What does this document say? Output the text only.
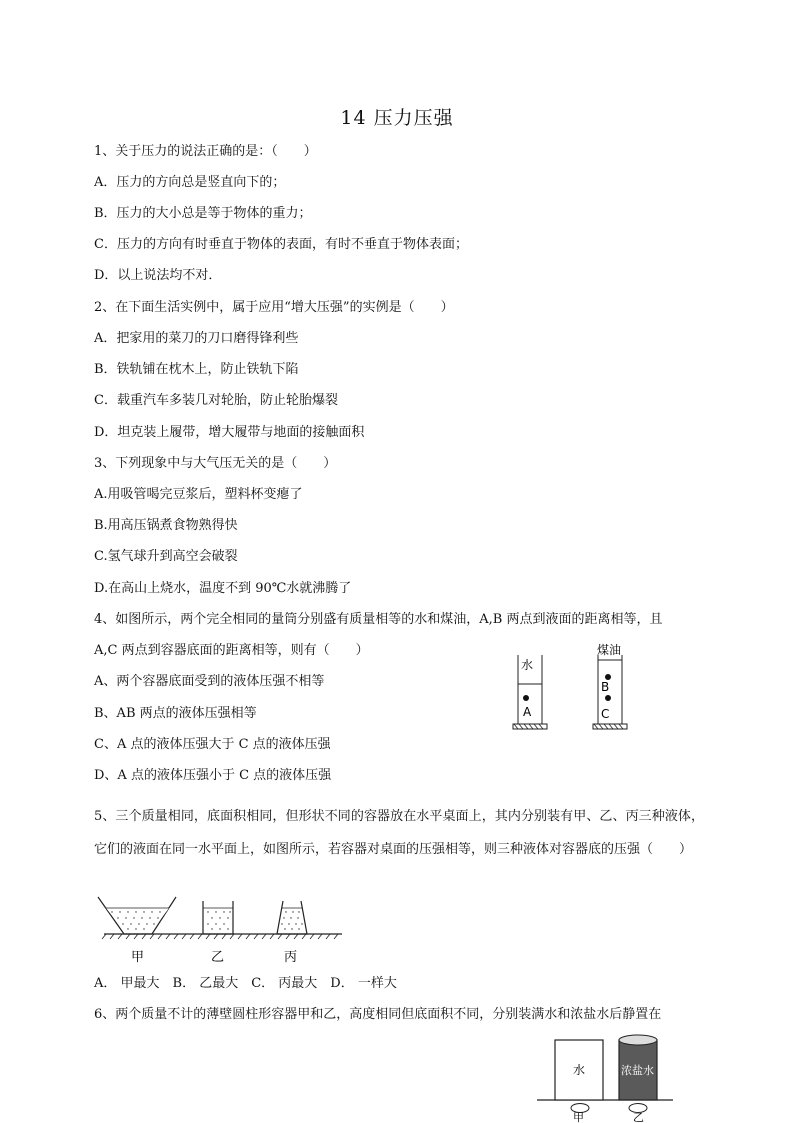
14 压力压强
1、关于压力的说法正确的是：（　　）
A．压力的方向总是竖直向下的；
B．压力的大小总是等于物体的重力；
C．压力的方向有时垂直于物体的表面，有时不垂直于物体表面；
D．以上说法均不对．
2、在下面生活实例中，属于应用“增大压强”的实例是（　　）
A．把家用的菜刀的刀口磨得锋利些
B．铁轨铺在枕木上，防止铁轨下陷
C．载重汽车多装几对轮胎，防止轮胎爆裂
D．坦克装上履带，增大履带与地面的接触面积
3、下列现象中与大气压无关的是（　　）
A.用吸管喝完豆浆后，塑料杯变瘪了
B.用高压锅煮食物熟得快
C.氢气球升到高空会破裂
D.在高山上烧水，温度不到 90℃水就沸腾了
4、如图所示，两个完全相同的量筒分别盛有质量相等的水和煤油，A,B 两点到液面的距离相等，且
A,C 两点到容器底面的距离相等，则有（　　）
A、两个容器底面受到的液体压强不相等
B、AB 两点的液体压强相等
C、A 点的液体压强大于 C 点的液体压强
D、A 点的液体压强小于 C 点的液体压强
水
A
煤油
B
C
5、三个质量相同，底面积相同，但形状不同的容器放在水平桌面上，其内分别装有甲、乙、丙三种液体，它们的液面在同一水平面上，如图所示，若容器对桌面的压强相等，则三种液体对容器底的压强（　　）
甲	乙	丙
A． 甲最大　B． 乙最大　C． 丙最大　D． 一样大
6、两个质量不计的薄壁圆柱形容器甲和乙，高度相同但底面积不同，分别装满水和浓盐水后静置在
水	浓盐水
甲	乙
